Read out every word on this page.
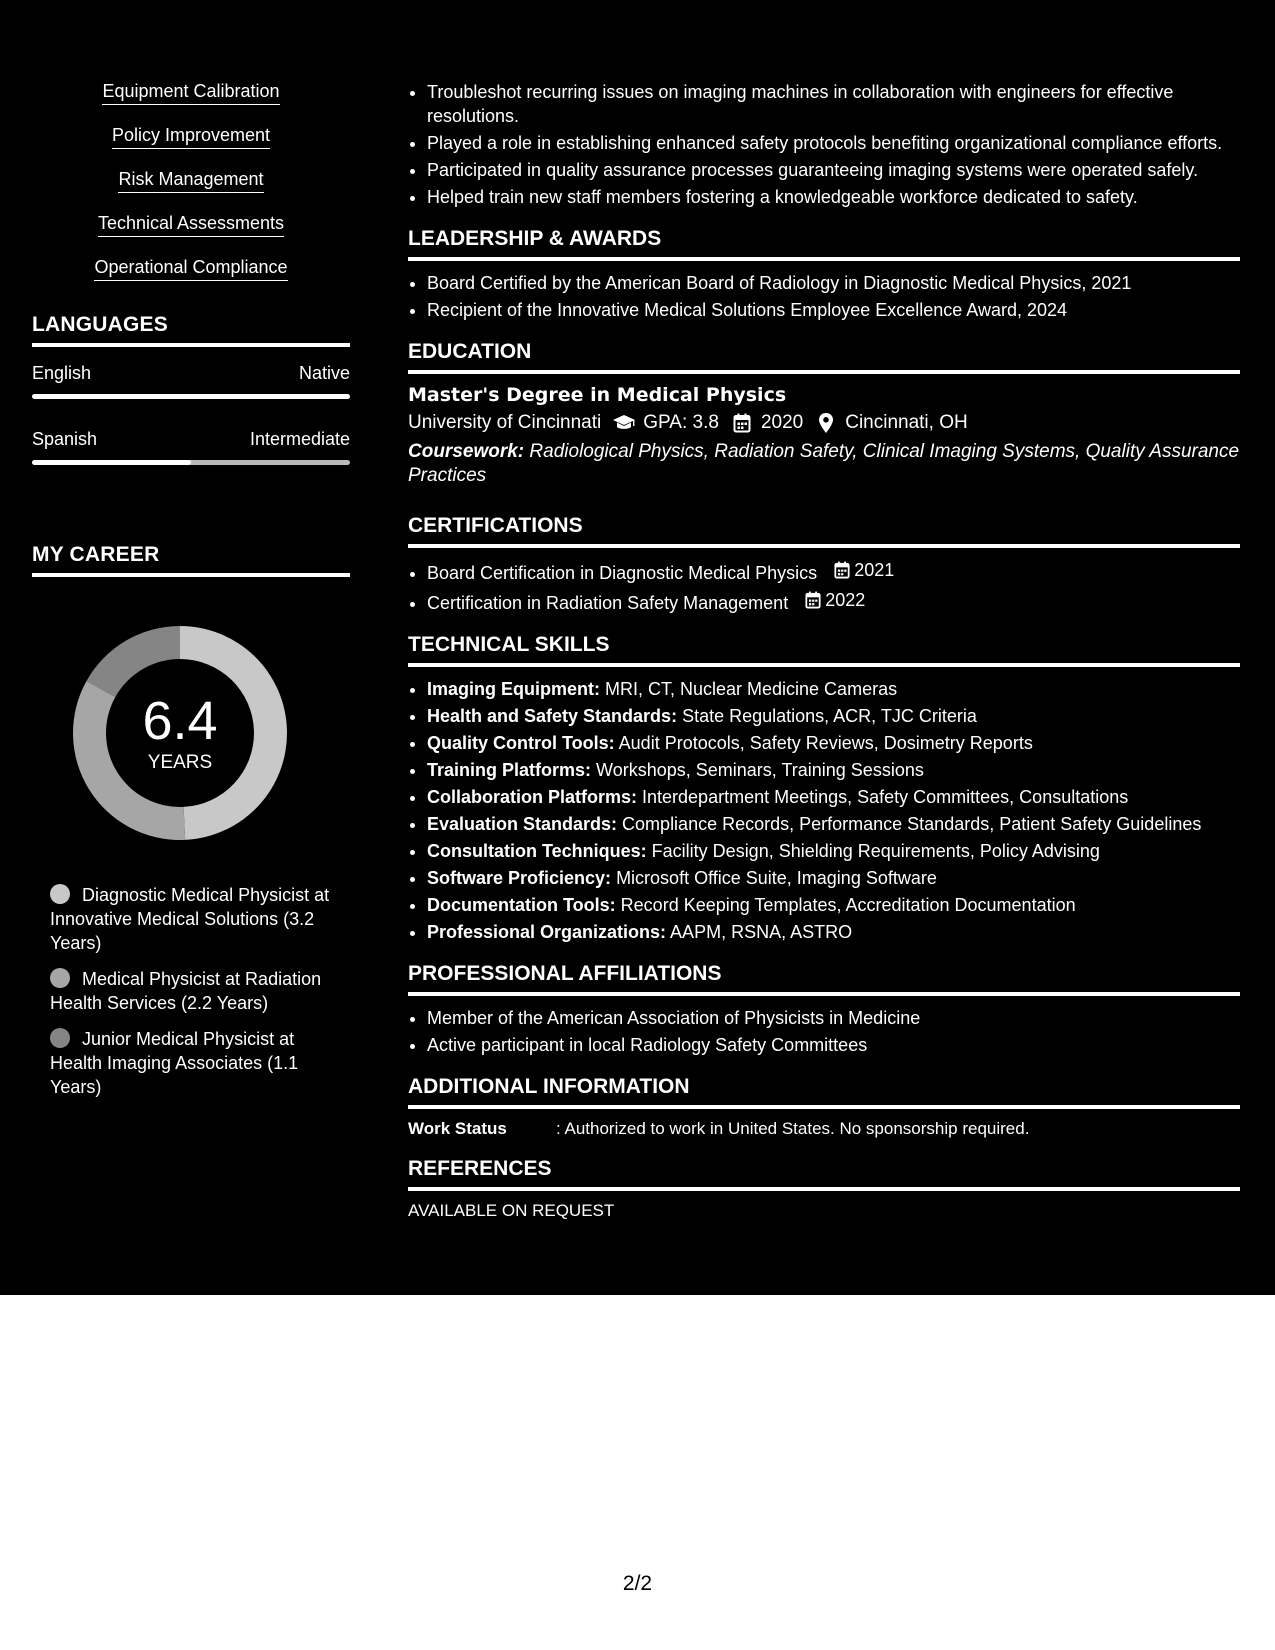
Equipment Calibration
Policy Improvement
Risk Management
Technical Assessments
Operational Compliance
LANGUAGES
English	Native
Spanish	Intermediate
MY CAREER
6.4
YEARS
Diagnostic Medical Physicist at Innovative Medical Solutions (3.2 Years)
Medical Physicist at Radiation Health Services (2.2 Years)
Junior Medical Physicist at Health Imaging Associates (1.1 Years)
• Troubleshot recurring issues on imaging machines in collaboration with engineers for effective resolutions.
• Played a role in establishing enhanced safety protocols benefiting organizational compliance efforts.
• Participated in quality assurance processes guaranteeing imaging systems were operated safely.
• Helped train new staff members fostering a knowledgeable workforce dedicated to safety.
LEADERSHIP & AWARDS
• Board Certified by the American Board of Radiology in Diagnostic Medical Physics, 2021
• Recipient of the Innovative Medical Solutions Employee Excellence Award, 2024
EDUCATION
Master's Degree in Medical Physics
University of Cincinnati GPA: 3.8 2020 Cincinnati, OH
Coursework: Radiological Physics, Radiation Safety, Clinical Imaging Systems, Quality Assurance Practices
CERTIFICATIONS
• Board Certification in Diagnostic Medical Physics 2021
• Certification in Radiation Safety Management 2022
TECHNICAL SKILLS
• Imaging Equipment: MRI, CT, Nuclear Medicine Cameras
• Health and Safety Standards: State Regulations, ACR, TJC Criteria
• Quality Control Tools: Audit Protocols, Safety Reviews, Dosimetry Reports
• Training Platforms: Workshops, Seminars, Training Sessions
• Collaboration Platforms: Interdepartment Meetings, Safety Committees, Consultations
• Evaluation Standards: Compliance Records, Performance Standards, Patient Safety Guidelines
• Consultation Techniques: Facility Design, Shielding Requirements, Policy Advising
• Software Proficiency: Microsoft Office Suite, Imaging Software
• Documentation Tools: Record Keeping Templates, Accreditation Documentation
• Professional Organizations: AAPM, RSNA, ASTRO
PROFESSIONAL AFFILIATIONS
• Member of the American Association of Physicists in Medicine
• Active participant in local Radiology Safety Committees
ADDITIONAL INFORMATION
Work Status	: Authorized to work in United States. No sponsorship required.
REFERENCES
AVAILABLE ON REQUEST
2/2
